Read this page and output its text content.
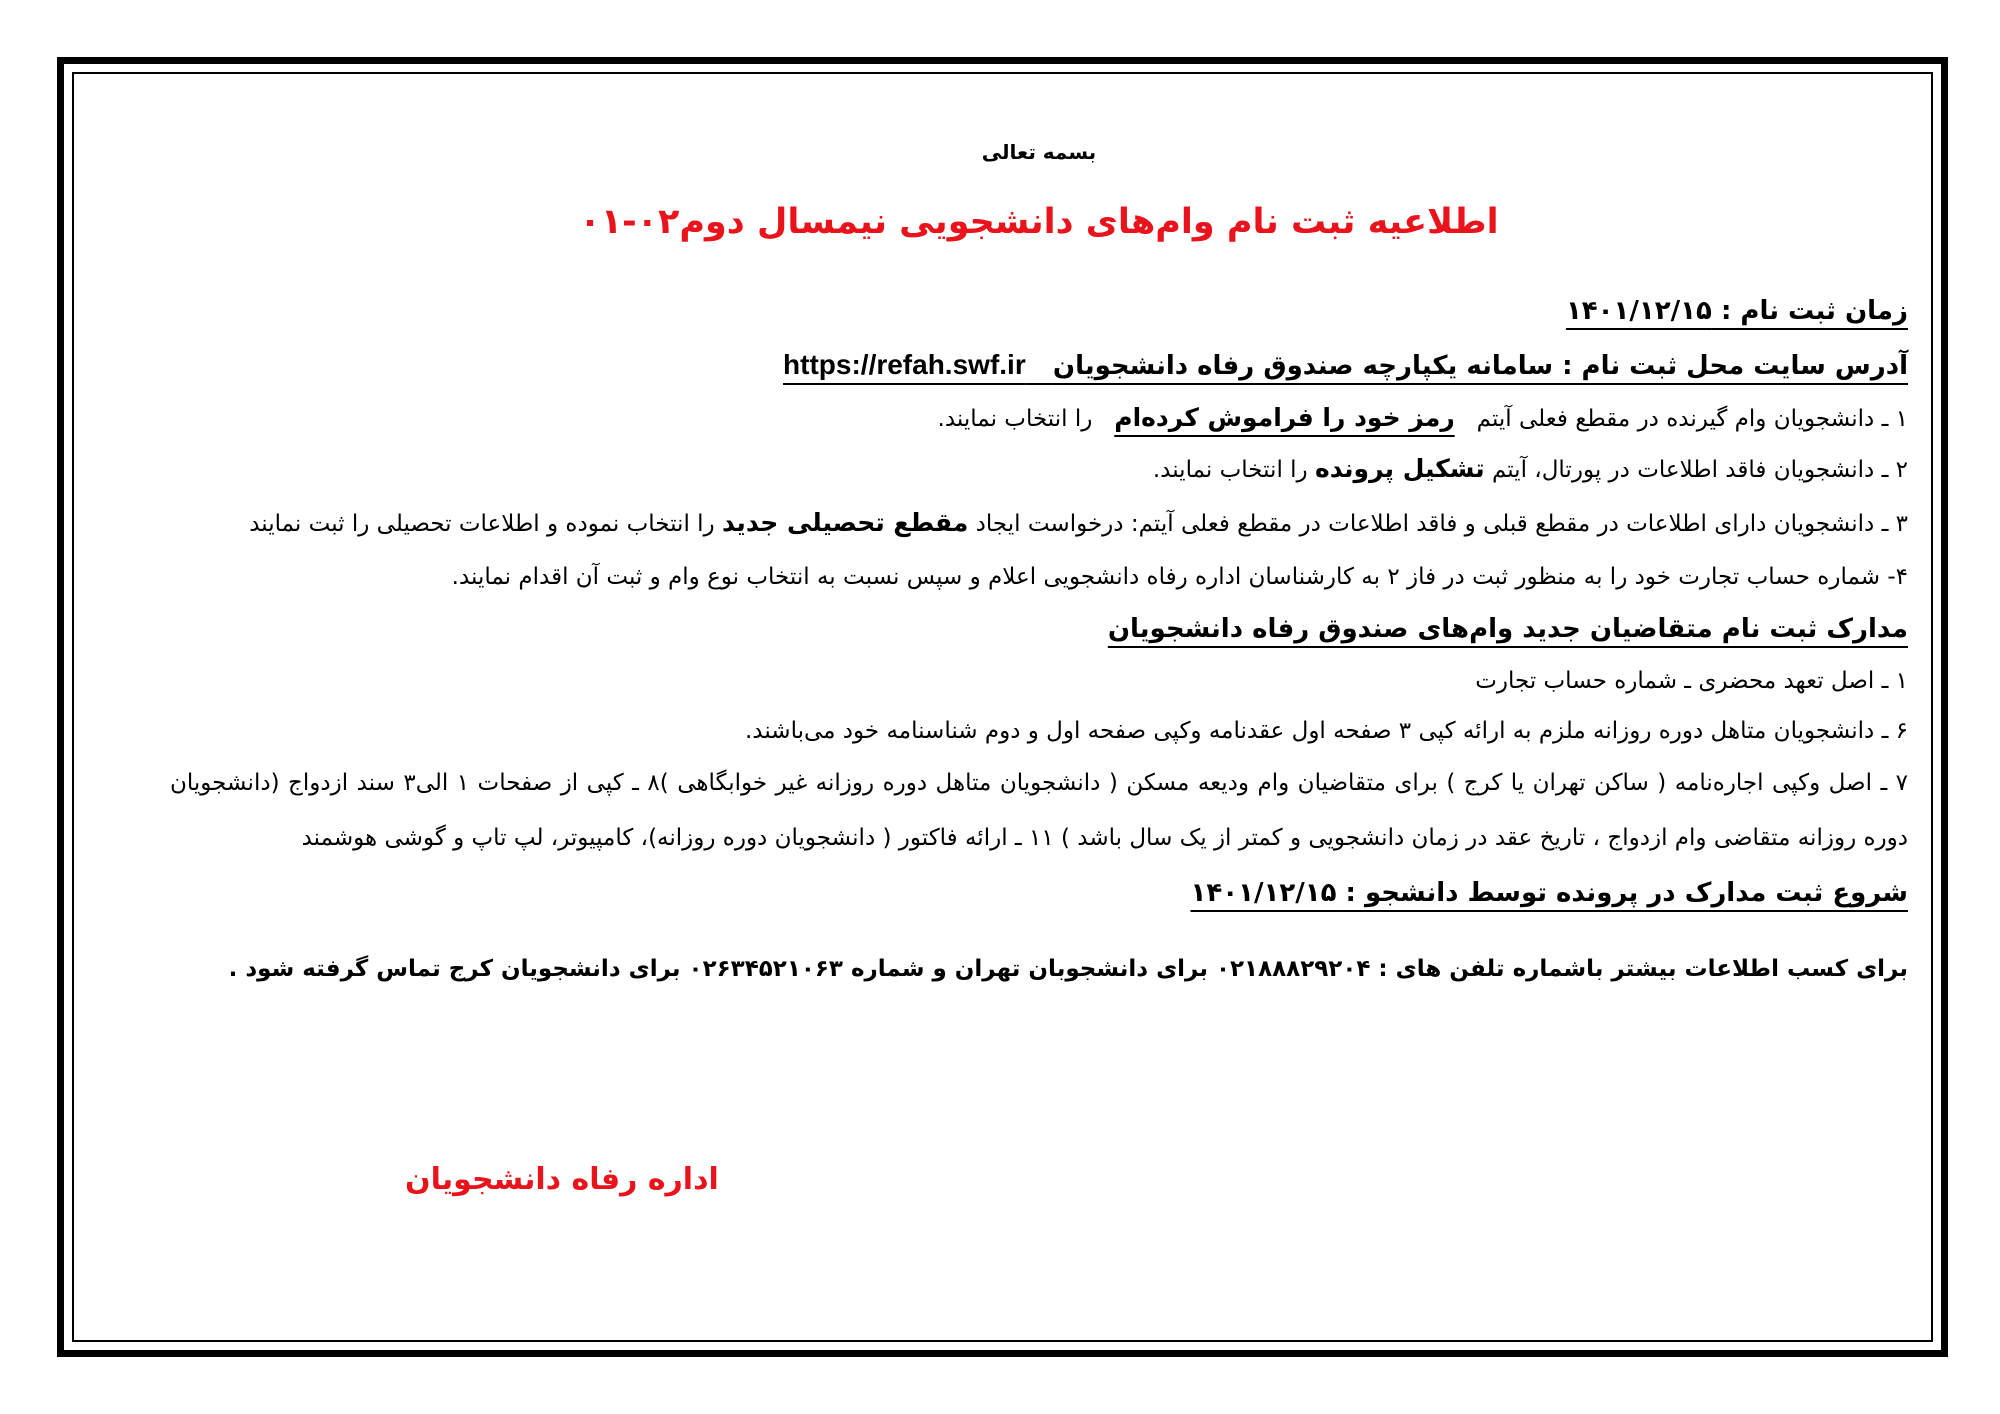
بسمه تعالی
اطلاعیه ثبت نام وام‌های دانشجویی نیمسال دوم۰۲-۰۱

زمان ثبت نام : ۱۴۰۱/۱۲/۱۵

آدرس سایت محل ثبت نام : سامانه یکپارچه صندوق رفاه دانشجویان   https://refah.swf.ir

۱ ـ دانشجویان وام گیرنده در مقطع فعلی آیتم   رمز خود را فراموش کرده‌ام   را انتخاب نمایند.

۲ ـ دانشجویان فاقد اطلاعات در پورتال، آیتم تشکیل پرونده را انتخاب نمایند.

۳ ـ دانشجویان دارای اطلاعات در مقطع قبلی و فاقد اطلاعات در مقطع فعلی آیتم: درخواست ایجاد مقطع تحصیلی جدید را انتخاب نموده و اطلاعات تحصیلی را ثبت نمایند

۴- شماره حساب تجارت خود را به منظور ثبت در فاز ۲ به کارشناسان اداره رفاه دانشجویی اعلام و سپس نسبت به انتخاب نوع وام و ثبت آن اقدام نمایند.

مدارک ثبت نام متقاضیان جدید وام‌های صندوق رفاه دانشجویان

۱ ـ اصل تعهد محضری ـ شماره حساب تجارت

۶ ـ دانشجویان متاهل دوره روزانه ملزم به ارائه کپی ۳ صفحه اول عقدنامه وکپی صفحه اول و دوم شناسنامه خود می‌باشند.

۷ ـ اصل وکپی اجاره‌نامه ( ساکن تهران یا کرج ) برای متقاضیان وام ودیعه مسکن ( دانشجویان متاهل دوره روزانه غیر خوابگاهی )۸ ـ کپی از صفحات ۱ الی۳ سند ازدواج (دانشجویان دوره روزانه متقاضی وام ازدواج ، تاریخ عقد در زمان دانشجویی و کمتر از یک سال باشد ) ۱۱ ـ ارائه فاکتور ( دانشجویان دوره روزانه)، کامپیوتر، لپ تاپ و گوشی هوشمند

شروع ثبت مدارک در پرونده توسط دانشجو : ۱۴۰۱/۱۲/۱۵

برای کسب اطلاعات بیشتر باشماره تلفن های : ۰۲۱۸۸۸۲۹۲۰۴ برای دانشجوبان تهران و شماره ۰۲۶۳۴۵۲۱۰۶۳ برای دانشجویان کرج تماس گرفته شود .

اداره رفاه دانشجویان
